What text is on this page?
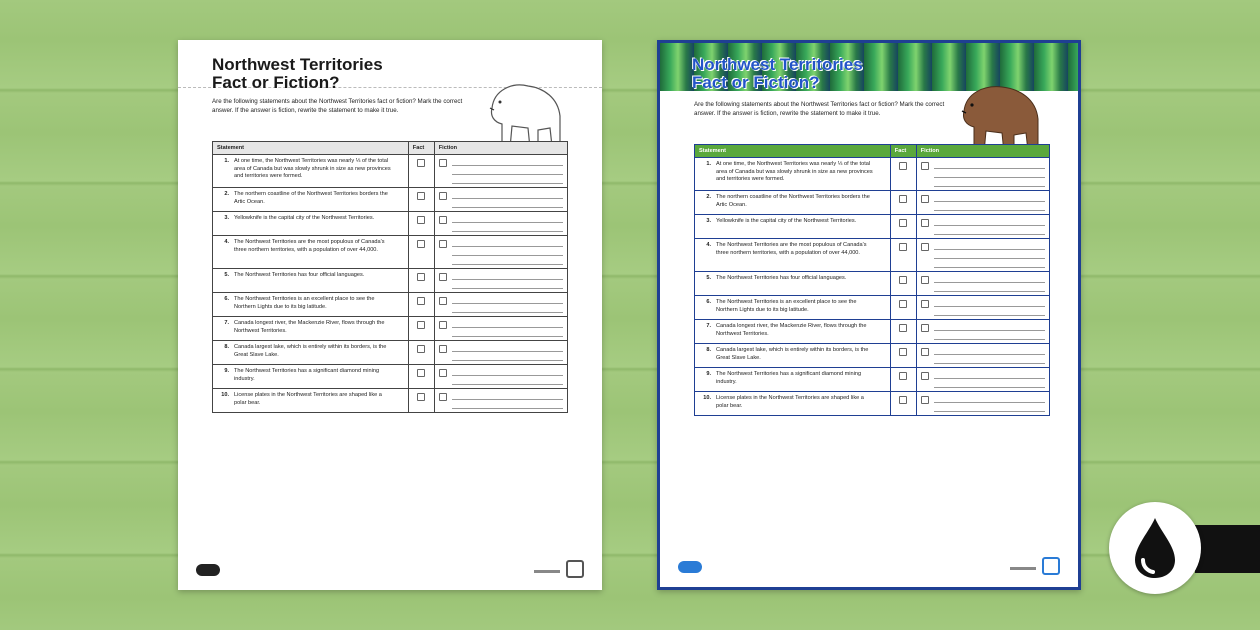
Northwest Territories
Fact or Fiction?
Are the following statements about the Northwest Territories fact or fiction? Mark the correct answer. If the answer is fiction, rewrite the statement to make it true.
Statement	Fact	Fiction
1. At one time, the Northwest Territories was nearly ⅓ of the total area of Canada but was slowly shrunk in size as new provinces and territories were formed.		

2. The northern coastline of the Northwest Territories borders the Artic Ocean.		

3. Yellowknife is the capital city of the Northwest Territories.		

4. The Northwest Territories are the most populous of Canada's three northern territories, with a population of over 44,000.		

5. The Northwest Territories has four official languages.		

6. The Northwest Territories is an excellent place to see the Northern Lights due to its big latitude.		

7. Canada longest river, the Mackenzie River, flows through the Northwest Territories.		

8. Canada largest lake, which is entirely within its borders, is the Great Slave Lake.		

9. The Northwest Territories has a significant diamond mining industry.		

10. License plates in the Northwest Territories are shaped like a polar bear.		
Northwest Territories
Fact or Fiction?
Are the following statements about the Northwest Territories fact or fiction? Mark the correct answer. If the answer is fiction, rewrite the statement to make it true.
Statement	Fact	Fiction
1. At one time, the Northwest Territories was nearly ⅓ of the total area of Canada but was slowly shrunk in size as new provinces and territories were formed.		

2. The northern coastline of the Northwest Territories borders the Artic Ocean.		

3. Yellowknife is the capital city of the Northwest Territories.		

4. The Northwest Territories are the most populous of Canada's three northern territories, with a population of over 44,000.		

5. The Northwest Territories has four official languages.		

6. The Northwest Territories is an excellent place to see the Northern Lights due to its big latitude.		

7. Canada longest river, the Mackenzie River, flows through the Northwest Territories.		

8. Canada largest lake, which is entirely within its borders, is the Great Slave Lake.		

9. The Northwest Territories has a significant diamond mining industry.		

10. License plates in the Northwest Territories are shaped like a polar bear.		
